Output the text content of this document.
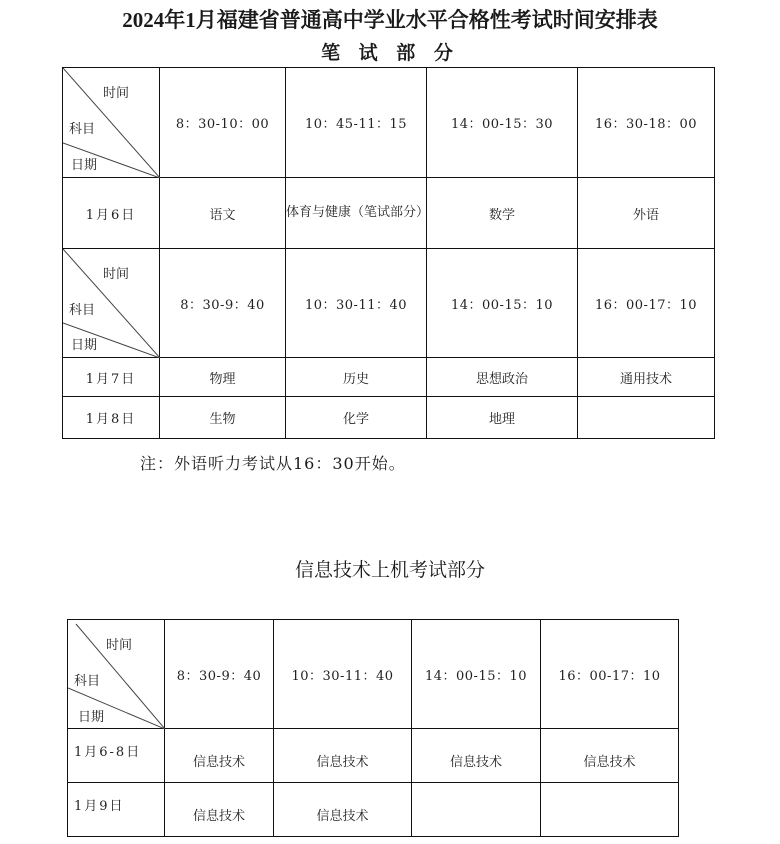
2024年1月福建省普通高中学业水平合格性考试时间安排表
笔 试 部 分
时间
科目
日期	8：30-10：00	10：45-11：15	14：00-15：30	16：30-18：00
1月6日	语文	体育与健康（笔试部分）	数学	外语

时间
科目
日期	8：30-9：40	10：30-11：40	14：00-15：10	16：00-17：10
1月7日	物理	历史	思想政治	通用技术
1月8日	生物	化学	地理	
注：外语听力考试从16：30开始。
信息技术上机考试部分
时间
科目
日期	8：30-9：40	10：30-11：40	14：00-15：10	16：00-17：10
1月6-8日	信息技术	信息技术	信息技术	信息技术
1月9日	信息技术	信息技术		
